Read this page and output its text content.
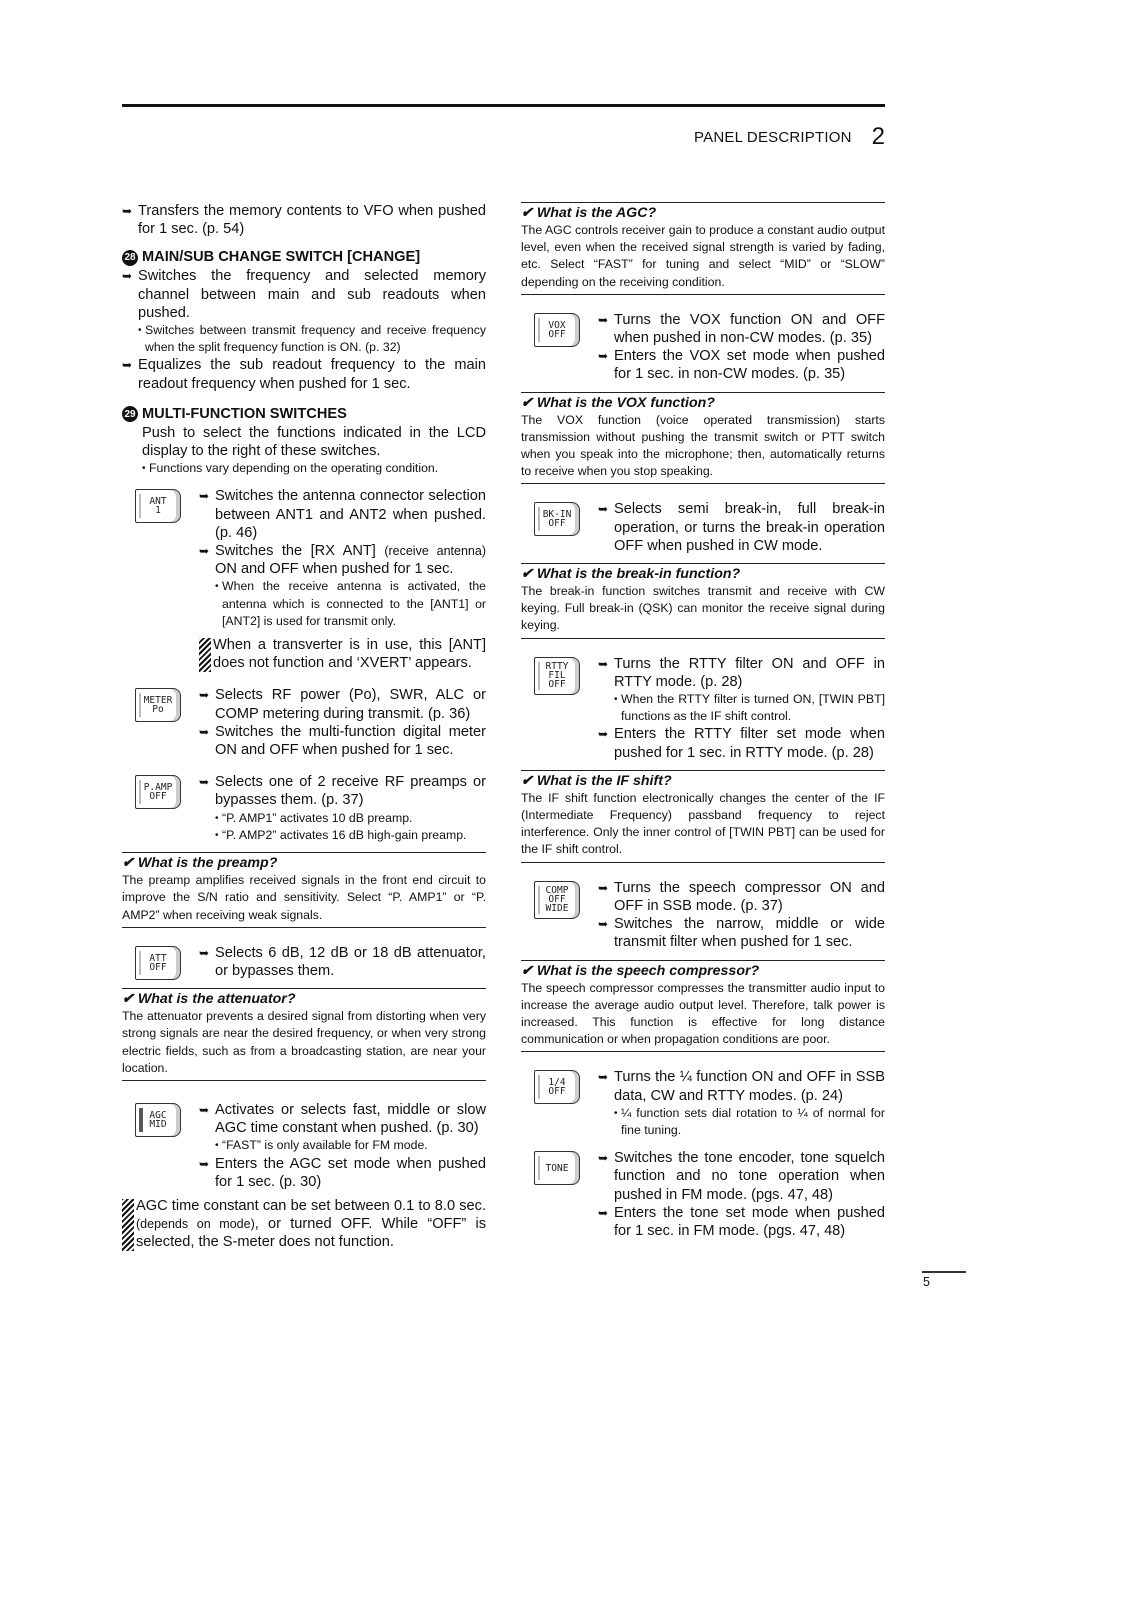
PANEL DESCRIPTION 2
➥ Transfers the memory contents to VFO when pushed for 1 sec. (p. 54)
28 MAIN/SUB CHANGE SWITCH [CHANGE]
➥ Switches the frequency and selected memory channel between main and sub readouts when pushed.
• Switches between transmit frequency and receive frequency when the split frequency function is ON. (p. 32)
➥ Equalizes the sub readout frequency to the main readout frequency when pushed for 1 sec.
29 MULTI-FUNCTION SWITCHES
Push to select the functions indicated in the LCD display to the right of these switches.
• Functions vary depending on the operating condition.
ANT
1
➥ Switches the antenna connector selection between ANT1 and ANT2 when pushed. (p. 46)
➥ Switches the [RX ANT] (receive antenna) ON and OFF when pushed for 1 sec.
• When the receive antenna is activated, the antenna which is connected to the [ANT1] or [ANT2] is used for transmit only.
When a transverter is in use, this [ANT] does not function and ‘XVERT’ appears.
METER
Po
➥ Selects RF power (Po), SWR, ALC or COMP metering during transmit. (p. 36)
➥ Switches the multi-function digital meter ON and OFF when pushed for 1 sec.
P.AMP
OFF
➥ Selects one of 2 receive RF preamps or bypasses them. (p. 37)
• “P. AMP1” activates 10 dB preamp.
• “P. AMP2” activates 16 dB high-gain preamp.
✔ What is the preamp?
The preamp amplifies received signals in the front end circuit to improve the S/N ratio and sensitivity. Select “P. AMP1” or “P. AMP2” when receiving weak signals.
ATT
OFF
➥ Selects 6 dB, 12 dB or 18 dB attenuator, or bypasses them.
✔ What is the attenuator?
The attenuator prevents a desired signal from distorting when very strong signals are near the desired frequency, or when very strong electric fields, such as from a broadcasting station, are near your location.
AGC
MID
➥ Activates or selects fast, middle or slow AGC time constant when pushed. (p. 30)
• “FAST” is only available for FM mode.
➥ Enters the AGC set mode when pushed for 1 sec. (p. 30)
AGC time constant can be set between 0.1 to 8.0 sec. (depends on mode), or turned OFF. While “OFF” is selected, the S-meter does not function.
✔ What is the AGC?
The AGC controls receiver gain to produce a constant audio output level, even when the received signal strength is varied by fading, etc. Select “FAST” for tuning and select “MID” or “SLOW” depending on the receiving condition.
VOX
OFF
➥ Turns the VOX function ON and OFF when pushed in non-CW modes. (p. 35)
➥ Enters the VOX set mode when pushed for 1 sec. in non-CW modes. (p. 35)
✔ What is the VOX function?
The VOX function (voice operated transmission) starts transmission without pushing the transmit switch or PTT switch when you speak into the microphone; then, automatically returns to receive when you stop speaking.
BK-IN
OFF
➥ Selects semi break-in, full break-in operation, or turns the break-in operation OFF when pushed in CW mode.
✔ What is the break-in function?
The break-in function switches transmit and receive with CW keying. Full break-in (QSK) can monitor the receive signal during keying.
RTTY
FIL
OFF
➥ Turns the RTTY filter ON and OFF in RTTY mode. (p. 28)
• When the RTTY filter is turned ON, [TWIN PBT] functions as the IF shift control.
➥ Enters the RTTY filter set mode when pushed for 1 sec. in RTTY mode. (p. 28)
✔ What is the IF shift?
The IF shift function electronically changes the center of the IF (Intermediate Frequency) passband frequency to reject interference. Only the inner control of [TWIN PBT] can be used for the IF shift control.
COMP
OFF
WIDE
➥ Turns the speech compressor ON and OFF in SSB mode. (p. 37)
➥ Switches the narrow, middle or wide transmit filter when pushed for 1 sec.
✔ What is the speech compressor?
The speech compressor compresses the transmitter audio input to increase the average audio output level. Therefore, talk power is increased. This function is effective for long distance communication or when propagation conditions are poor.
1/4
OFF
➥ Turns the ¼ function ON and OFF in SSB data, CW and RTTY modes. (p. 24)
• ¼ function sets dial rotation to ¼ of normal for fine tuning.
TONE
➥ Switches the tone encoder, tone squelch function and no tone operation when pushed in FM mode. (pgs. 47, 48)
➥ Enters the tone set mode when pushed for 1 sec. in FM mode. (pgs. 47, 48)
5
